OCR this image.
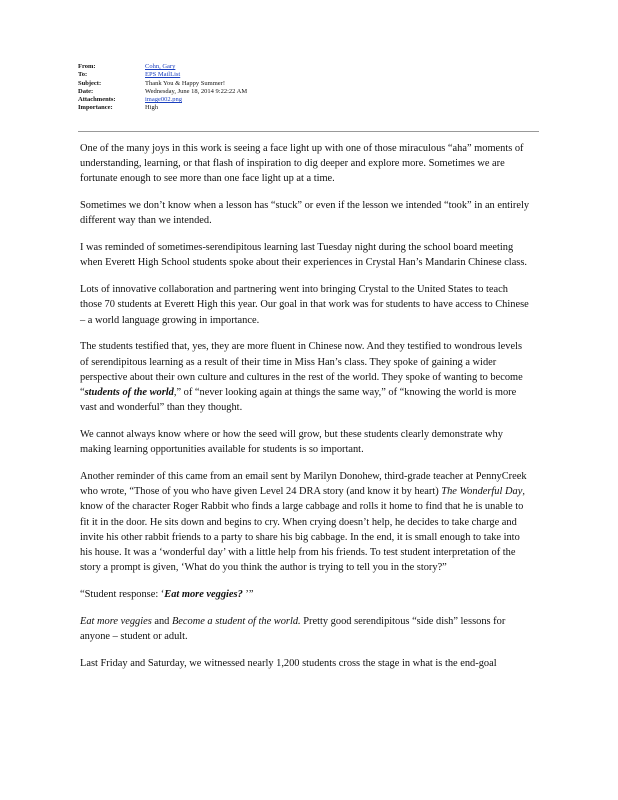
From:	Cohn, Gary
To:	EPS MailList
Subject:	Thank You & Happy Summer!
Date:	Wednesday, June 18, 2014 9:22:22 AM
Attachments:	image002.png
Importance:	High

One of the many joys in this work is seeing a face light up with one of those miraculous “aha” moments of understanding, learning, or that flash of inspiration to dig deeper and explore more. Sometimes we are fortunate enough to see more than one face light up at a time.

Sometimes we don’t know when a lesson has “stuck” or even if the lesson we intended “took” in an entirely different way than we intended.

I was reminded of sometimes-serendipitous learning last Tuesday night during the school board meeting when Everett High School students spoke about their experiences in Crystal Han’s Mandarin Chinese class.

Lots of innovative collaboration and partnering went into bringing Crystal to the United States to teach those 70 students at Everett High this year. Our goal in that work was for students to have access to Chinese – a world language growing in importance.

The students testified that, yes, they are more fluent in Chinese now. And they testified to wondrous levels of serendipitous learning as a result of their time in Miss Han’s class. They spoke of gaining a wider perspective about their own culture and cultures in the rest of the world. They spoke of wanting to become “students of the world,” of “never looking again at things the same way,” of “knowing the world is more vast and wonderful” than they thought.

We cannot always know where or how the seed will grow, but these students clearly demonstrate why making learning opportunities available for students is so important.

Another reminder of this came from an email sent by Marilyn Donohew, third-grade teacher at PennyCreek who wrote, “Those of you who have given Level 24 DRA story (and know it by heart) The Wonderful Day, know of the character Roger Rabbit who finds a large cabbage and rolls it home to find that he is unable to fit it in the door. He sits down and begins to cry. When crying doesn’t help, he decides to take charge and invite his other rabbit friends to a party to share his big cabbage. In the end, it is small enough to take into his house. It was a ‘wonderful day’ with a little help from his friends. To test student interpretation of the story a prompt is given, ‘What do you think the author is trying to tell you in the story?”

“Student response: ‘Eat more veggies? ’”

Eat more veggies and Become a student of the world. Pretty good serendipitous “side dish” lessons for anyone – student or adult.

Last Friday and Saturday, we witnessed nearly 1,200 students cross the stage in what is the end-goal
